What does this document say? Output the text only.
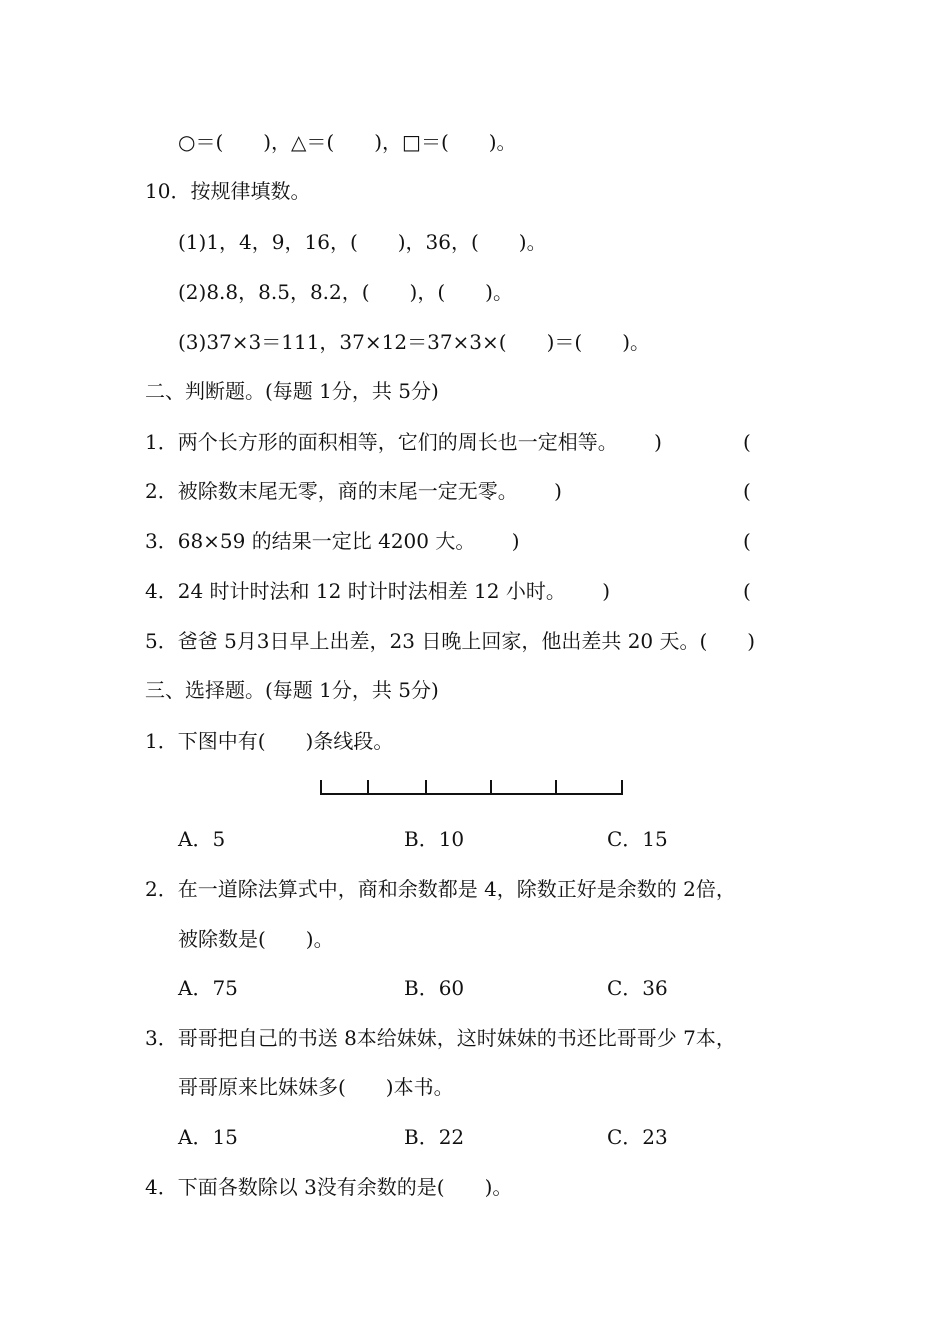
○＝(　　)，△＝(　　)，□＝(　　)。
10．按规律填数。
(1)1，4，9，16，(　　)，36，(　　)。
(2)8.8，8.5，8.2，(　　)，(　　)。
(3)37×3＝111，37×12＝37×3×(　　)＝(　　)。
二、判断题。(每题 1分，共 5分)
1．两个长方形的面积相等，它们的周长也一定相等。　　 )	(
2．被除数末尾无零，商的末尾一定无零。　　 )	(
3．68×59 的结果一定比 4200 大。　　 )	(
4．24 时计时法和 12 时计时法相差 12 小时。　　 )	(
5．爸爸 5月3日早上出差，23 日晚上回家，他出差共 20 天。(　　)
三、选择题。(每题 1分，共 5分)
1．下图中有(　　)条线段。
A．5	B．10	C．15
2．在一道除法算式中，商和余数都是 4，除数正好是余数的 2倍，
被除数是(　　)。
A．75	B．60	C．36
3．哥哥把自己的书送 8本给妹妹，这时妹妹的书还比哥哥少 7本，
哥哥原来比妹妹多(　　)本书。
A．15	B．22	C．23
4．下面各数除以 3没有余数的是(　　)。
